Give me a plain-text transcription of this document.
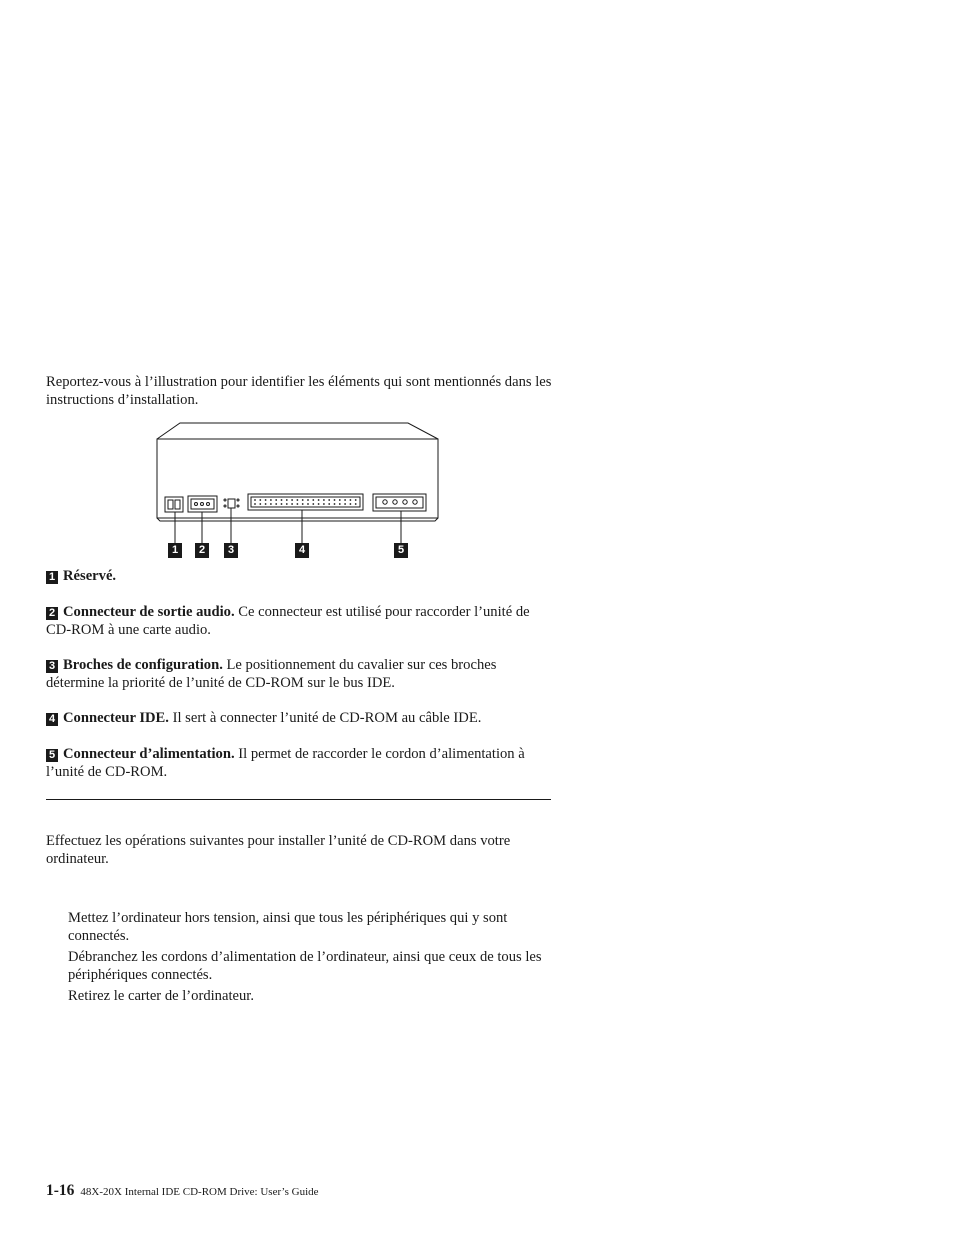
Reportez-vous à l’illustration pour identifier les éléments qui sont mentionnés dans les instructions d’installation.

1	2	3	4	5

1 Réservé.

2 Connecteur de sortie audio. Ce connecteur est utilisé pour raccorder l’unité de CD-ROM à une carte audio.

3 Broches de configuration. Le positionnement du cavalier sur ces broches détermine la priorité de l’unité de CD-ROM sur le bus IDE.

4 Connecteur IDE. Il sert à connecter l’unité de CD-ROM au câble IDE.

5 Connecteur d’alimentation. Il permet de raccorder le cordon d’alimentation à l’unité de CD-ROM.

Effectuez les opérations suivantes pour installer l’unité de CD-ROM dans votre ordinateur.

Mettez l’ordinateur hors tension, ainsi que tous les périphériques qui y sont connectés.

Débranchez les cordons d’alimentation de l’ordinateur, ainsi que ceux de tous les périphériques connectés.

Retirez le carter de l’ordinateur.

1-16 48X-20X Internal IDE CD-ROM Drive: User’s Guide
